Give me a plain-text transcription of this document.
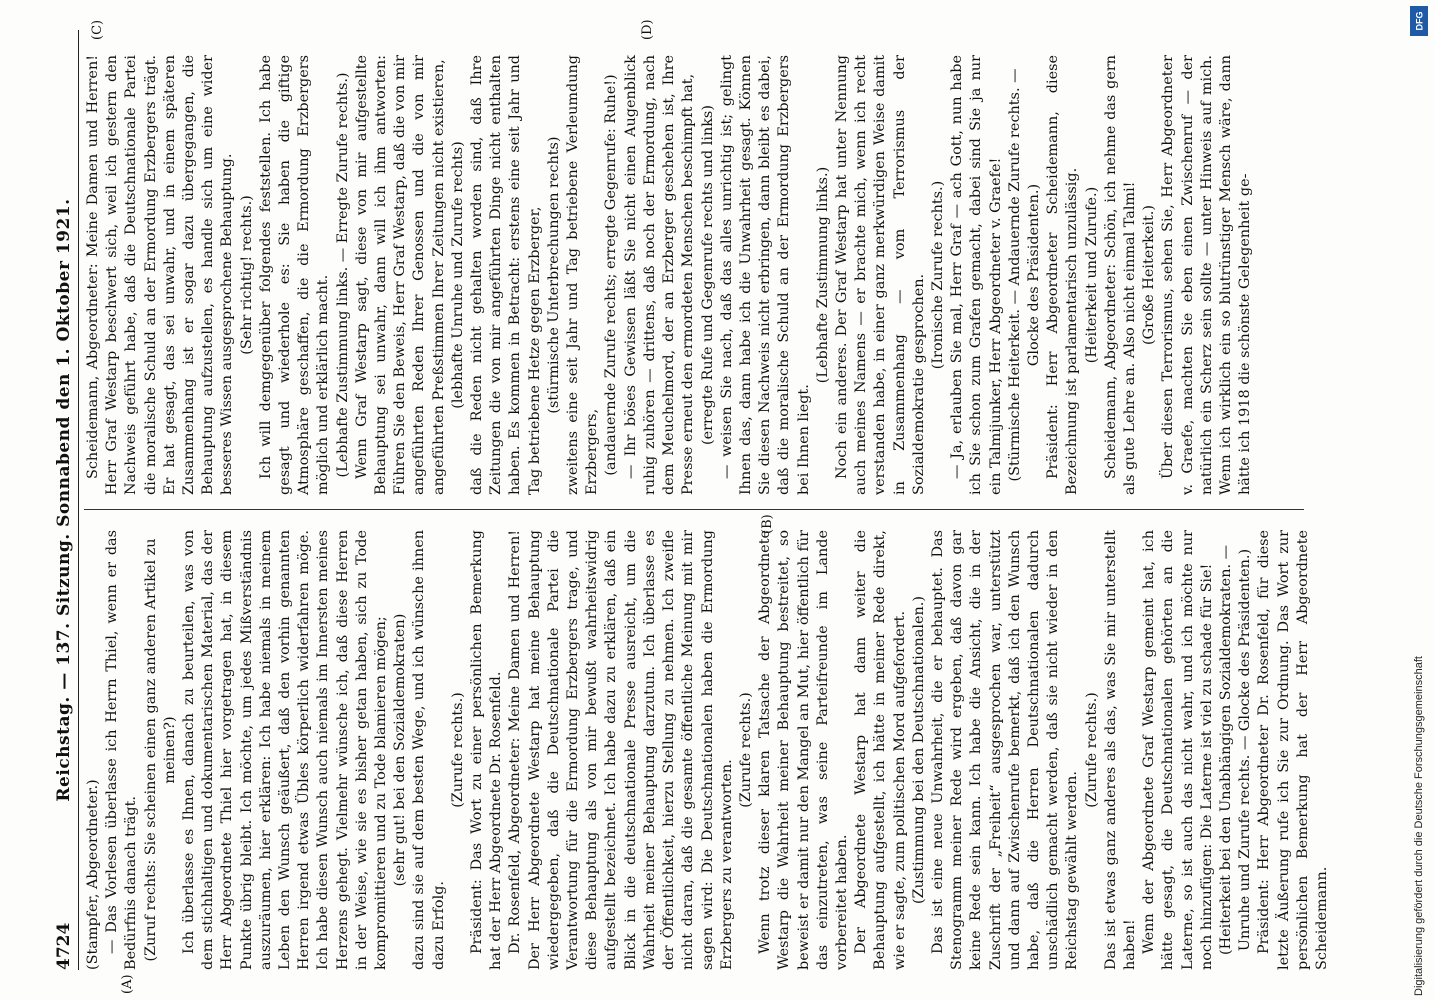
4724
Reichstag. — 137. Sitzung. Sonnabend den 1. Oktober 1921.
(A)
(B)
(C)	(D)

(Stampfer, Abgeordneter.) — Das Vorlesen überlasse ich Herrn Thiel, wenn er das Bedürfnis danach trägt. (Zuruf rechts: Sie scheinen einen ganz anderen Artikel zu meinen?) Ich überlasse es Ihnen, danach zu beurteilen, was von dem stichhaltigen und dokumentarischen Material, das der Herr Abgeordnete Thiel hier vorgetragen hat, in diesem Punkte übrig bleibt. Ich möchte, um jedes Mißverständnis auszuräumen, hier erklären: Ich habe niemals in meinem Leben den Wunsch geäußert, daß den vorhin genannten Herren irgend etwas Übles körperlich widerfahren möge. Ich habe diesen Wunsch auch niemals im Innersten meines Herzens gehegt. Vielmehr wünsche ich, daß diese Herren in der Weise, wie sie es bisher getan haben, sich zu Tode kompromittieren und zu Tode blamieren mögen; (sehr gut! bei den Sozialdemokraten) dazu sind sie auf dem besten Wege, und ich wünsche ihnen dazu Erfolg.

(Zurufe rechts.) Präsident: Das Wort zu einer persönlichen Bemerkung hat der Herr Abgeordnete Dr. Rosenfeld. Dr. Rosenfeld, Abgeordneter: Meine Damen und Herren! Der Herr Abgeordnete Westarp hat meine Behauptung wiedergegeben, daß die Deutschnationale Partei die Verantwortung für die Ermordung Erzbergers trage, und diese Behauptung als von mir bewußt wahrheitswidrig aufgestellt bezeichnet. Ich habe dazu zu erklären, daß ein Blick in die deutschnationale Presse ausreicht, um die Wahrheit meiner Behauptung darzutun. Ich überlasse es der Öffentlichkeit, hierzu Stellung zu nehmen. Ich zweifle nicht daran, daß die gesamte öffentliche Meinung mit mir sagen wird: Die Deutschnationalen haben die Ermordung Erzbergers zu verantworten.

(Zurufe rechts.) Wenn trotz dieser klaren Tatsache der Abgeordnete Westarp die Wahrheit meiner Behauptung bestreitet, so beweist er damit nur den Mangel an Mut, hier öffentlich für das einzutreten, was seine Parteifreunde im Lande vorbereitet haben. Der Abgeordnete Westarp hat dann weiter die Behauptung aufgestellt, ich hätte in meiner Rede direkt, wie er sagte, zum politischen Mord aufgefordert. (Zustimmung bei den Deutschnationalen.) Das ist eine neue Unwahrheit, die er behauptet. Das Stenogramm meiner Rede wird ergeben, daß davon gar keine Rede sein kann. Ich habe die Ansicht, die in der Zuschrift der „Freiheit“ ausgesprochen war, unterstützt und dann auf Zwischenrufe bemerkt, daß ich den Wunsch habe, daß die Herren Deutschnationalen dadurch unschädlich gemacht werden, daß sie nicht wieder in den Reichstag gewählt werden.

(Zurufe rechts.) Das ist etwas ganz anderes als das, was Sie mir unterstellt haben! Wenn der Abgeordnete Graf Westarp gemeint hat, ich hätte gesagt, die Deutschnationalen gehörten an die Laterne, so ist auch das nicht wahr, und ich möchte nur noch hinzufügen: Die Laterne ist viel zu schade für Sie! (Heiterkeit bei den Unabhängigen Sozialdemokraten. — Unruhe und Zurufe rechts. — Glocke des Präsidenten.) Präsident: Herr Abgeordneter Dr. Rosenfeld, für diese letzte Äußerung rufe ich Sie zur Ordnung. Das Wort zur persönlichen Bemerkung hat der Herr Abgeordnete Scheidemann.

Scheidemann, Abgeordneter: Meine Damen und Herren! Herr Graf Westarp beschwert sich, weil ich gestern den Nachweis geführt habe, daß die Deutschnationale Partei die moralische Schuld an der Ermordung Erzbergers trägt. Er hat gesagt, das sei unwahr, und in einem späteren Zusammenhang ist er sogar dazu übergegangen, die Behauptung aufzustellen, es handle sich um eine wider besseres Wissen ausgesprochene Behauptung. (Sehr richtig! rechts.) Ich will demgegenüber folgendes feststellen. Ich habe gesagt und wiederhole es: Sie haben die giftige Atmosphäre geschaffen, die die Ermordung Erzbergers möglich und erklärlich macht. (Lebhafte Zustimmung links. — Erregte Zurufe rechts.) Wenn Graf Westarp sagt, diese von mir aufgestellte Behauptung sei unwahr, dann will ich ihm antworten: Führen Sie den Beweis, Herr Graf Westarp, daß die von mir angeführten Reden Ihrer Genossen und die von mir angeführten Preßstimmen Ihrer Zeitungen nicht existieren, (lebhafte Unruhe und Zurufe rechts) daß die Reden nicht gehalten worden sind, daß Ihre Zeitungen die von mir angeführten Dinge nicht enthalten haben. Es kommen in Betracht: erstens eine seit Jahr und Tag betriebene Hetze gegen Erzberger, (stürmische Unterbrechungen rechts) zweitens eine seit Jahr und Tag betriebene Verleumdung Erzbergers, (andauernde Zurufe rechts; erregte Gegenrufe: Ruhe!) — Ihr böses Gewissen läßt Sie nicht einen Augenblick ruhig zuhören — drittens, daß noch der Ermordung, nach dem Meuchelmord, der an Erzberger geschehen ist, Ihre Presse erneut den ermordeten Menschen beschimpft hat, (erregte Rufe und Gegenrufe rechts und links) — weisen Sie nach, daß das alles unrichtig ist; gelingt Ihnen das, dann habe ich die Unwahrheit gesagt. Können Sie diesen Nachweis nicht erbringen, dann bleibt es dabei, daß die moralische Schuld an der Ermordung Erzbergers bei Ihnen liegt.

(Lebhafte Zustimmung links.) Noch ein anderes. Der Graf Westarp hat unter Nennung auch meines Namens — er brachte mich, wenn ich recht verstanden habe, in einer ganz merkwürdigen Weise damit in Zusammenhang — vom Terrorismus der Sozialdemokratie gesprochen. (Ironische Zurufe rechts.) — Ja, erlauben Sie mal, Herr Graf — ach Gott, nun habe ich Sie schon zum Grafen gemacht, dabei sind Sie ja nur ein Talmijunker, Herr Abgeordneter v. Graefe! (Stürmische Heiterkeit. — Andauernde Zurufe rechts. — Glocke des Präsidenten.) Präsident: Herr Abgeordneter Scheidemann, diese Bezeichnung ist parlamentarisch unzulässig. (Heiterkeit und Zurufe.) Scheidemann, Abgeordneter: Schön, ich nehme das gern als gute Lehre an. Also nicht einmal Talmi! (Große Heiterkeit.) Über diesen Terrorismus, sehen Sie, Herr Abgeordneter v. Graefe, machten Sie eben einen Zwischenruf — der natürlich ein Scherz sein sollte — unter Hinweis auf mich. Wenn ich wirklich ein so blutrünstiger Mensch wäre, dann hätte ich 1918 die schönste Gelegenheit ge-

Digitalisierung gefördert durch die Deutsche Forschungsgemeinschaft
DFG
